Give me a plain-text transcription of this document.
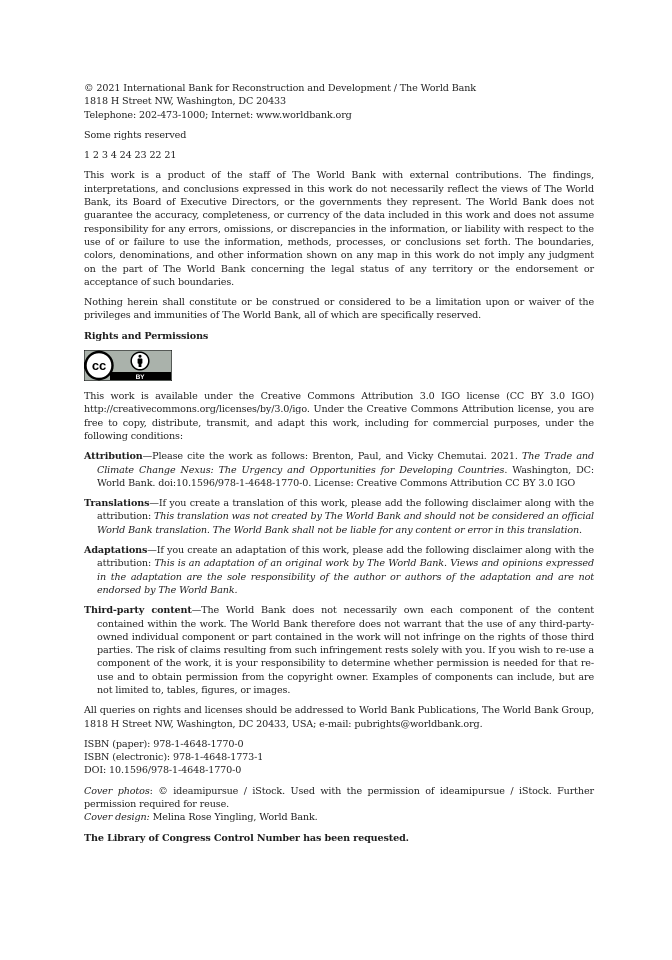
© 2021 International Bank for Reconstruction and Development / The World Bank
1818 H Street NW, Washington, DC 20433
Telephone: 202-473-1000; Internet: www.worldbank.org
Some rights reserved
1 2 3 4 24 23 22 21
This work is a product of the staff of The World Bank with external contributions. The findings, interpretations, and conclusions expressed in this work do not necessarily reflect the views of The World Bank, its Board of Executive Directors, or the governments they represent. The World Bank does not guarantee the accuracy, completeness, or currency of the data included in this work and does not assume responsibility for any errors, omissions, or discrepancies in the information, or liability with respect to the use of or failure to use the information, methods, processes, or conclusions set forth. The boundaries, colors, denominations, and other information shown on any map in this work do not imply any judgment on the part of The World Bank concerning the legal status of any territory or the endorsement or acceptance of such boundaries.
Nothing herein shall constitute or be construed or considered to be a limitation upon or waiver of the privileges and immunities of The World Bank, all of which are specifically reserved.
Rights and Permissions
BY
cc
This work is available under the Creative Commons Attribution 3.0 IGO license (CC BY 3.0 IGO) http://creativecommons.org/licenses/by/3.0/igo. Under the Creative Commons Attribution license, you are free to copy, distribute, transmit, and adapt this work, including for commercial purposes, under the following conditions:
Attribution—Please cite the work as follows: Brenton, Paul, and Vicky Chemutai. 2021. The Trade and Climate Change Nexus: The Urgency and Opportunities for Developing Countries. Washington, DC: World Bank. doi:10.1596/978-1-4648-1770-0. License: Creative Commons Attribution CC BY 3.0 IGO
Translations—If you create a translation of this work, please add the following disclaimer along with the attribution: This translation was not created by The World Bank and should not be considered an official World Bank translation. The World Bank shall not be liable for any content or error in this translation.
Adaptations—If you create an adaptation of this work, please add the following disclaimer along with the attribution: This is an adaptation of an original work by The World Bank. Views and opinions expressed in the adaptation are the sole responsibility of the author or authors of the adaptation and are not endorsed by The World Bank.
Third-party content—The World Bank does not necessarily own each component of the content contained within the work. The World Bank therefore does not warrant that the use of any third-party-owned individual component or part contained in the work will not infringe on the rights of those third parties. The risk of claims resulting from such infringement rests solely with you. If you wish to re-use a component of the work, it is your responsibility to determine whether permission is needed for that re-use and to obtain permission from the copyright owner. Examples of components can include, but are not limited to, tables, figures, or images.
All queries on rights and licenses should be addressed to World Bank Publications, The World Bank Group, 1818 H Street NW, Washington, DC 20433, USA; e-mail: pubrights@worldbank.org.
ISBN (paper): 978-1-4648-1770-0
ISBN (electronic): 978-1-4648-1773-1
DOI: 10.1596/978-1-4648-1770-0
Cover photos: © ideamipursue / iStock. Used with the permission of ideamipursue / iStock. Further permission required for reuse.
Cover design: Melina Rose Yingling, World Bank.
The Library of Congress Control Number has been requested.
